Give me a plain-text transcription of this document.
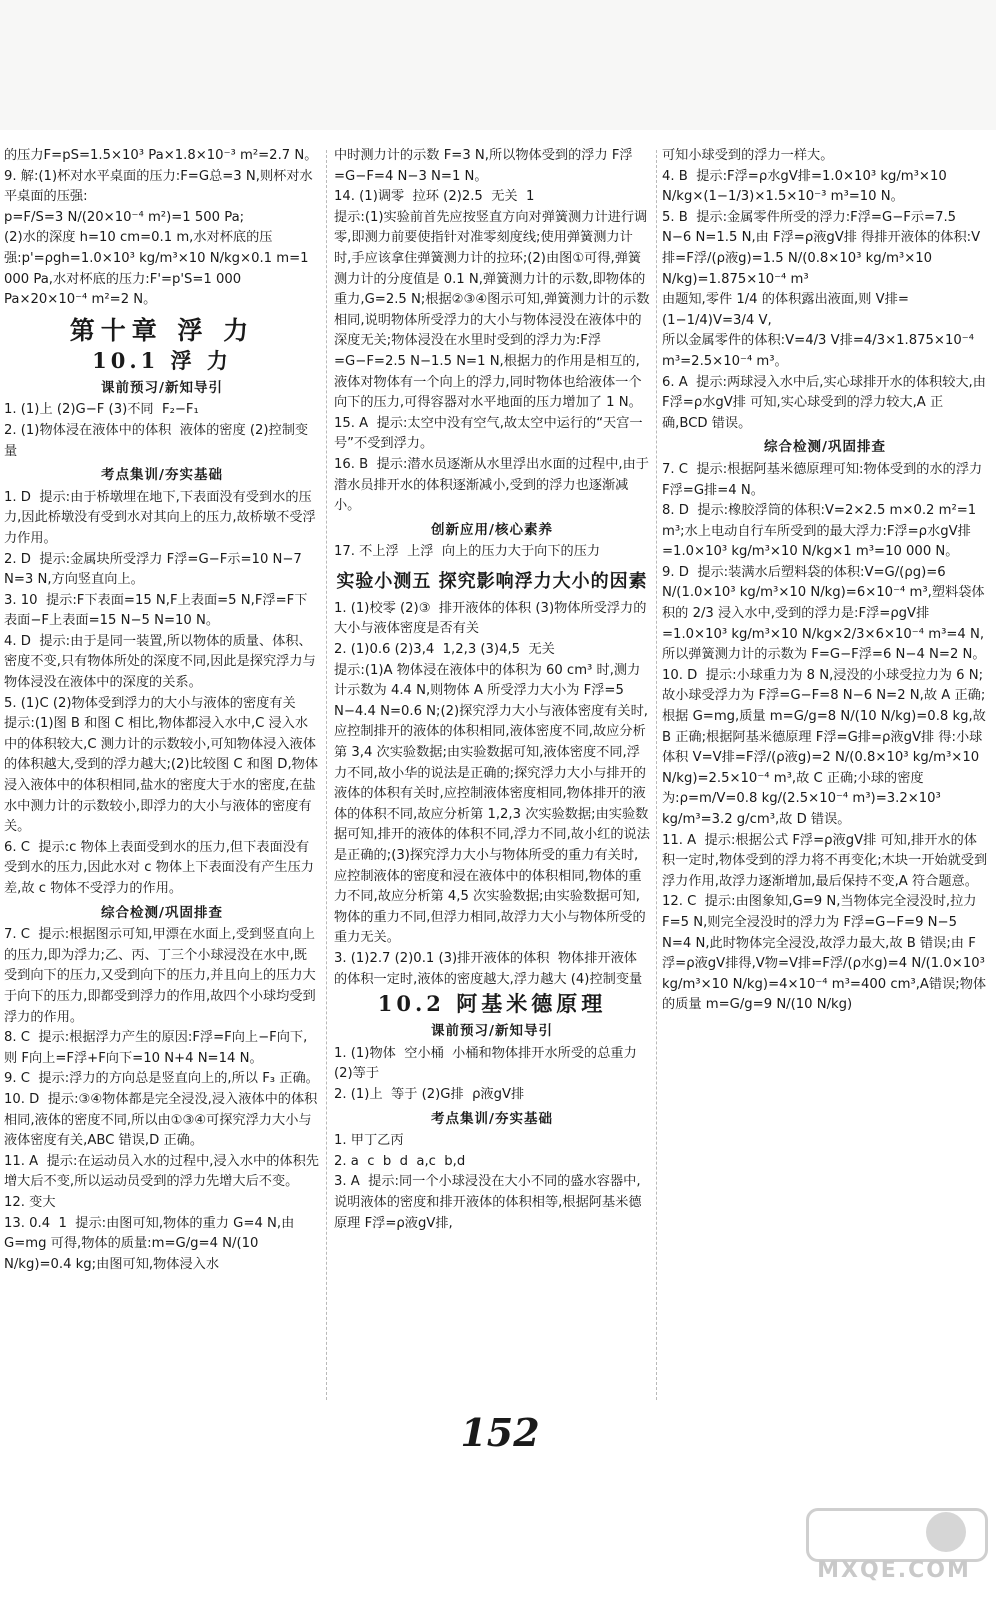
的压力F=pS=1.5×10³ Pa×1.8×10⁻³ m²=2.7 N。
9. 解:(1)杯对水平桌面的压力:F=G总=3 N,则杯对水平桌面的压强:
p=F/S=3 N/(20×10⁻⁴ m²)=1 500 Pa;
(2)水的深度 h=10 cm=0.1 m,水对杯底的压强:p'=ρgh=1.0×10³ kg/m³×10 N/kg×0.1 m=1 000 Pa,水对杯底的压力:F'=p'S=1 000 Pa×20×10⁻⁴ m²=2 N。
第十章 浮 力
10.1 浮 力
课前预习/新知导引
1. (1)上 (2)G−F (3)不同  F₂−F₁
2. (1)物体浸在液体中的体积  液体的密度 (2)控制变量
考点集训/夯实基础
1. D  提示:由于桥墩埋在地下,下表面没有受到水的压力,因此桥墩没有受到水对其向上的压力,故桥墩不受浮力作用。
2. D  提示:金属块所受浮力 F浮=G−F示=10 N−7 N=3 N,方向竖直向上。
3. 10  提示:F下表面=15 N,F上表面=5 N,F浮=F下表面−F上表面=15 N−5 N=10 N。
4. D  提示:由于是同一装置,所以物体的质量、体积、密度不变,只有物体所处的深度不同,因此是探究浮力与物体浸没在液体中的深度的关系。
5. (1)C (2)物体受到浮力的大小与液体的密度有关
提示:(1)图 B 和图 C 相比,物体都浸入水中,C 浸入水中的体积较大,C 测力计的示数较小,可知物体浸入液体的体积越大,受到的浮力越大;(2)比较图 C 和图 D,物体浸入液体中的体积相同,盐水的密度大于水的密度,在盐水中测力计的示数较小,即浮力的大小与液体的密度有关。
6. C  提示:c 物体上表面受到水的压力,但下表面没有受到水的压力,因此水对 c 物体上下表面没有产生压力差,故 c 物体不受浮力的作用。
综合检测/巩固排查
7. C  提示:根据图示可知,甲漂在水面上,受到竖直向上的压力,即为浮力;乙、丙、丁三个小球浸没在水中,既受到向下的压力,又受到向下的压力,并且向上的压力大于向下的压力,即都受到浮力的作用,故四个小球均受到浮力的作用。
8. C  提示:根据浮力产生的原因:F浮=F向上−F向下,则 F向上=F浮+F向下=10 N+4 N=14 N。
9. C  提示:浮力的方向总是竖直向上的,所以 F₃ 正确。
10. D  提示:③④物体都是完全浸没,浸入液体中的体积相同,液体的密度不同,所以由①③④可探究浮力大小与液体密度有关,ABC 错误,D 正确。
11. A  提示:在运动员入水的过程中,浸入水中的体积先增大后不变,所以运动员受到的浮力先增大后不变。
12. 变大
13. 0.4  1  提示:由图可知,物体的重力 G=4 N,由 G=mg 可得,物体的质量:m=G/g=4 N/(10 N/kg)=0.4 kg;由图可知,物体浸入水
中时测力计的示数 F=3 N,所以物体受到的浮力 F浮=G−F=4 N−3 N=1 N。
14. (1)调零  拉环 (2)2.5  无关  1
提示:(1)实验前首先应按竖直方向对弹簧测力计进行调零,即测力前要使指针对准零刻度线;使用弹簧测力计时,手应该拿住弹簧测力计的拉环;(2)由图①可得,弹簧测力计的分度值是 0.1 N,弹簧测力计的示数,即物体的重力,G=2.5 N;根据②③④图示可知,弹簧测力计的示数相同,说明物体所受浮力的大小与物体浸没在液体中的深度无关;物体浸没在水里时受到的浮力为:F浮=G−F=2.5 N−1.5 N=1 N,根据力的作用是相互的,液体对物体有一个向上的浮力,同时物体也给液体一个向下的压力,可得容器对水平地面的压力增加了 1 N。
15. A  提示:太空中没有空气,故太空中运行的“天宫一号”不受到浮力。
16. B  提示:潜水员逐渐从水里浮出水面的过程中,由于潜水员排开水的体积逐渐减小,受到的浮力也逐渐减小。
创新应用/核心素养
17. 不上浮  上浮  向上的压力大于向下的压力
实验小测五 探究影响浮力大小的因素
1. (1)校零 (2)③  排开液体的体积 (3)物体所受浮力的大小与液体密度是否有关
2. (1)0.6 (2)3,4  1,2,3 (3)4,5  无关
提示:(1)A 物体浸在液体中的体积为 60 cm³ 时,测力计示数为 4.4 N,则物体 A 所受浮力大小为 F浮=5 N−4.4 N=0.6 N;(2)探究浮力大小与液体密度有关时,应控制排开的液体的体积相同,液体密度不同,故应分析第 3,4 次实验数据;由实验数据可知,液体密度不同,浮力不同,故小华的说法是正确的;探究浮力大小与排开的液体的体积有关时,应控制液体密度相同,物体排开的液体的体积不同,故应分析第 1,2,3 次实验数据;由实验数据可知,排开的液体的体积不同,浮力不同,故小红的说法是正确的;(3)探究浮力大小与物体所受的重力有关时,应控制液体的密度和浸在液体中的体积相同,物体的重力不同,故应分析第 4,5 次实验数据;由实验数据可知,物体的重力不同,但浮力相同,故浮力大小与物体所受的重力无关。
3. (1)2.7 (2)0.1 (3)排开液体的体积  物体排开液体的体积一定时,液体的密度越大,浮力越大 (4)控制变量
10.2 阿基米德原理
课前预习/新知导引
1. (1)物体  空小桶  小桶和物体排开水所受的总重力 (2)等于
2. (1)上  等于 (2)G排  ρ液gV排
考点集训/夯实基础
1. 甲丁乙丙
2. a  c  b  d  a,c  b,d
3. A  提示:同一个小球浸没在大小不同的盛水容器中,说明液体的密度和排开液体的体积相等,根据阿基米德原理 F浮=ρ液gV排,
可知小球受到的浮力一样大。
4. B  提示:F浮=ρ水gV排=1.0×10³ kg/m³×10 N/kg×(1−1/3)×1.5×10⁻³ m³=10 N。
5. B  提示:金属零件所受的浮力:F浮=G−F示=7.5 N−6 N=1.5 N,由 F浮=ρ液gV排 得排开液体的体积:V排=F浮/(ρ液g)=1.5 N/(0.8×10³ kg/m³×10 N/kg)=1.875×10⁻⁴ m³
由题知,零件 1/4 的体积露出液面,则 V排=(1−1/4)V=3/4 V,
所以金属零件的体积:V=4/3 V排=4/3×1.875×10⁻⁴ m³=2.5×10⁻⁴ m³。
6. A  提示:两球浸入水中后,实心球排开水的体积较大,由 F浮=ρ水gV排 可知,实心球受到的浮力较大,A 正确,BCD 错误。
综合检测/巩固排查
7. C  提示:根据阿基米德原理可知:物体受到的水的浮力 F浮=G排=4 N。
8. D  提示:橡胶浮筒的体积:V=2×2.5 m×0.2 m²=1 m³;水上电动自行车所受到的最大浮力:F浮=ρ水gV排=1.0×10³ kg/m³×10 N/kg×1 m³=10 000 N。
9. D  提示:装满水后塑料袋的体积:V=G/(ρg)=6 N/(1.0×10³ kg/m³×10 N/kg)=6×10⁻⁴ m³,塑料袋体积的 2/3 浸入水中,受到的浮力是:F浮=ρgV排=1.0×10³ kg/m³×10 N/kg×2/3×6×10⁻⁴ m³=4 N,所以弹簧测力计的示数为 F=G−F浮=6 N−4 N=2 N。
10. D  提示:小球重力为 8 N,浸没的小球受拉力为 6 N;故小球受浮力为 F浮=G−F=8 N−6 N=2 N,故 A 正确;根据 G=mg,质量 m=G/g=8 N/(10 N/kg)=0.8 kg,故 B 正确;根据阿基米德原理 F浮=G排=ρ液gV排 得:小球体积 V=V排=F浮/(ρ液g)=2 N/(0.8×10³ kg/m³×10 N/kg)=2.5×10⁻⁴ m³,故 C 正确;小球的密度为:ρ=m/V=0.8 kg/(2.5×10⁻⁴ m³)=3.2×10³ kg/m³=3.2 g/cm³,故 D 错误。
11. A  提示:根据公式 F浮=ρ液gV排 可知,排开水的体积一定时,物体受到的浮力将不再变化;木块一开始就受到浮力作用,故浮力逐渐增加,最后保持不变,A 符合题意。
12. C  提示:由图象知,G=9 N,当物体完全浸没时,拉力 F=5 N,则完全浸没时的浮力为 F浮=G−F=9 N−5 N=4 N,此时物体完全浸没,故浮力最大,故 B 错误;由 F浮=ρ液gV排得,V物=V排=F浮/(ρ水g)=4 N/(1.0×10³ kg/m³×10 N/kg)=4×10⁻⁴ m³=400 cm³,A错误;物体的质量 m=G/g=9 N/(10 N/kg)
152
MXQE.COM
